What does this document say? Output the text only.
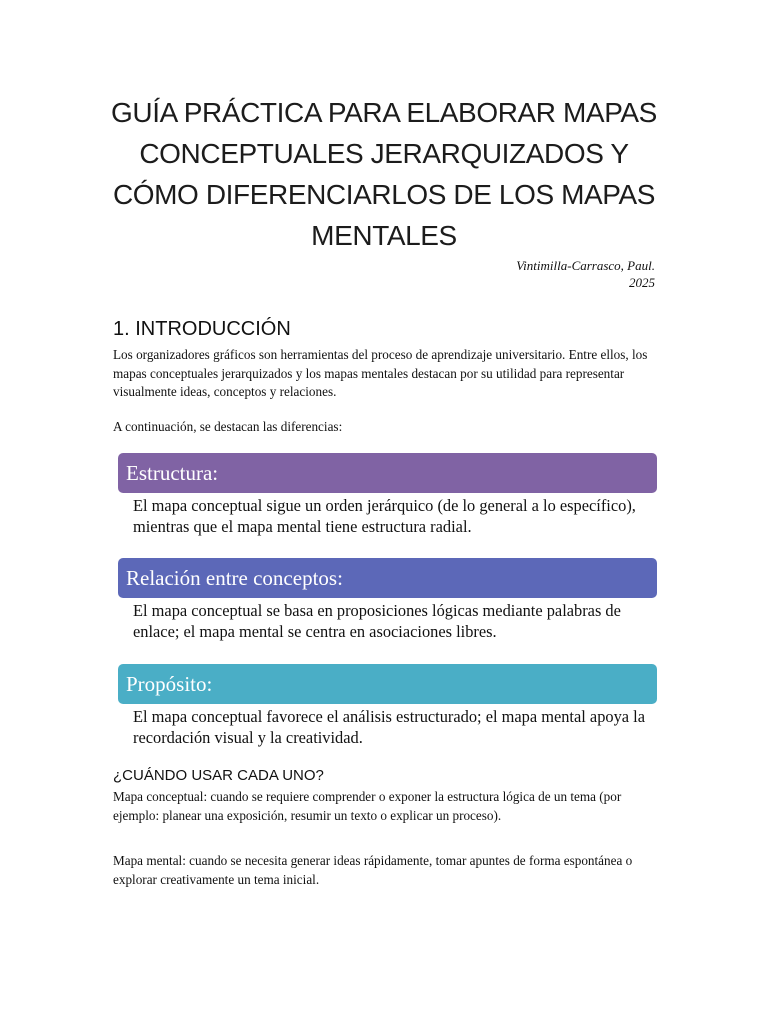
GUÍA PRÁCTICA PARA ELABORAR MAPAS CONCEPTUALES JERARQUIZADOS Y CÓMO DIFERENCIARLOS DE LOS MAPAS MENTALES
Vintimilla-Carrasco, Paul.
2025
1. INTRODUCCIÓN

Los organizadores gráficos son herramientas del proceso de aprendizaje universitario. Entre ellos, los mapas conceptuales jerarquizados y los mapas mentales destacan por su utilidad para representar visualmente ideas, conceptos y relaciones.

A continuación, se destacan las diferencias:

Estructura:

El mapa conceptual sigue un orden jerárquico (de lo general a lo específico), mientras que el mapa mental tiene estructura radial.

Relación entre conceptos:

El mapa conceptual se basa en proposiciones lógicas mediante palabras de enlace; el mapa mental se centra en asociaciones libres.

Propósito:

El mapa conceptual favorece el análisis estructurado; el mapa mental apoya la recordación visual y la creatividad.

¿CUÁNDO USAR CADA UNO?

Mapa conceptual: cuando se requiere comprender o exponer la estructura lógica de un tema (por ejemplo: planear una exposición, resumir un texto o explicar un proceso).

Mapa mental: cuando se necesita generar ideas rápidamente, tomar apuntes de forma espontánea o explorar creativamente un tema inicial.
